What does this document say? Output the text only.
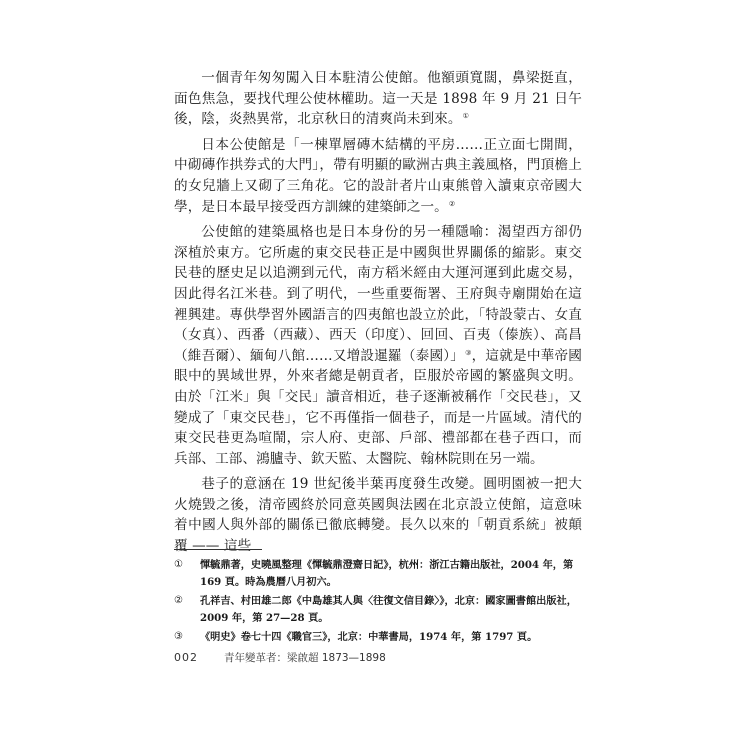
一個青年匆匆闖入日本駐清公使館。他額頭寬闊，鼻梁挺直，面色焦急，要找代理公使林權助。這一天是 1898 年 9 月 21 日午後，陰，炎熱異常，北京秋日的清爽尚未到來。①

日本公使館是「一棟單層磚木結構的平房……正立面七開間，中砌磚作拱券式的大門」，帶有明顯的歐洲古典主義風格，門頂檐上的女兒牆上又砌了三角花。它的設計者片山東熊曾入讀東京帝國大學，是日本最早接受西方訓練的建築師之一。②

公使館的建築風格也是日本身份的另一種隱喻：渴望西方卻仍深植於東方。它所處的東交民巷正是中國與世界關係的縮影。東交民巷的歷史足以追溯到元代，南方稻米經由大運河運到此處交易，因此得名江米巷。到了明代，一些重要衙署、王府與寺廟開始在這裡興建。專供學習外國語言的四夷館也設立於此，「特設蒙古、女直（女真）、西番（西藏）、西天（印度）、回回、百夷（傣族）、高昌（維吾爾）、緬甸八館……又增設暹羅（泰國）」③，這就是中華帝國眼中的異域世界，外來者總是朝貢者，臣服於帝國的繁盛與文明。由於「江米」與「交民」讀音相近，巷子逐漸被稱作「交民巷」，又變成了「東交民巷」，它不再僅指一個巷子，而是一片區域。清代的東交民巷更為喧鬧，宗人府、吏部、戶部、禮部都在巷子西口，而兵部、工部、鴻臚寺、欽天監、太醫院、翰林院則在另一端。

巷子的意涵在 19 世紀後半葉再度發生改變。圓明園被一把大火燒毀之後，清帝國終於同意英國與法國在北京設立使館，這意味着中國人與外部的關係已徹底轉變。長久以來的「朝貢系統」被顛覆 —— 這些

①	惲毓鼎著，史曉風整理《惲毓鼎澄齋日記》，杭州：浙江古籍出版社，2004 年，第 169 頁。時為農曆八月初六。
②	孔祥吉、村田雄二郎《中島雄其人與〈往復文信目錄〉》，北京：國家圖書館出版社，2009 年，第 27—28 頁。
③	《明史》卷七十四《職官三》，北京：中華書局，1974 年，第 1797 頁。
002 青年變革者：梁啟超 1873—1898
